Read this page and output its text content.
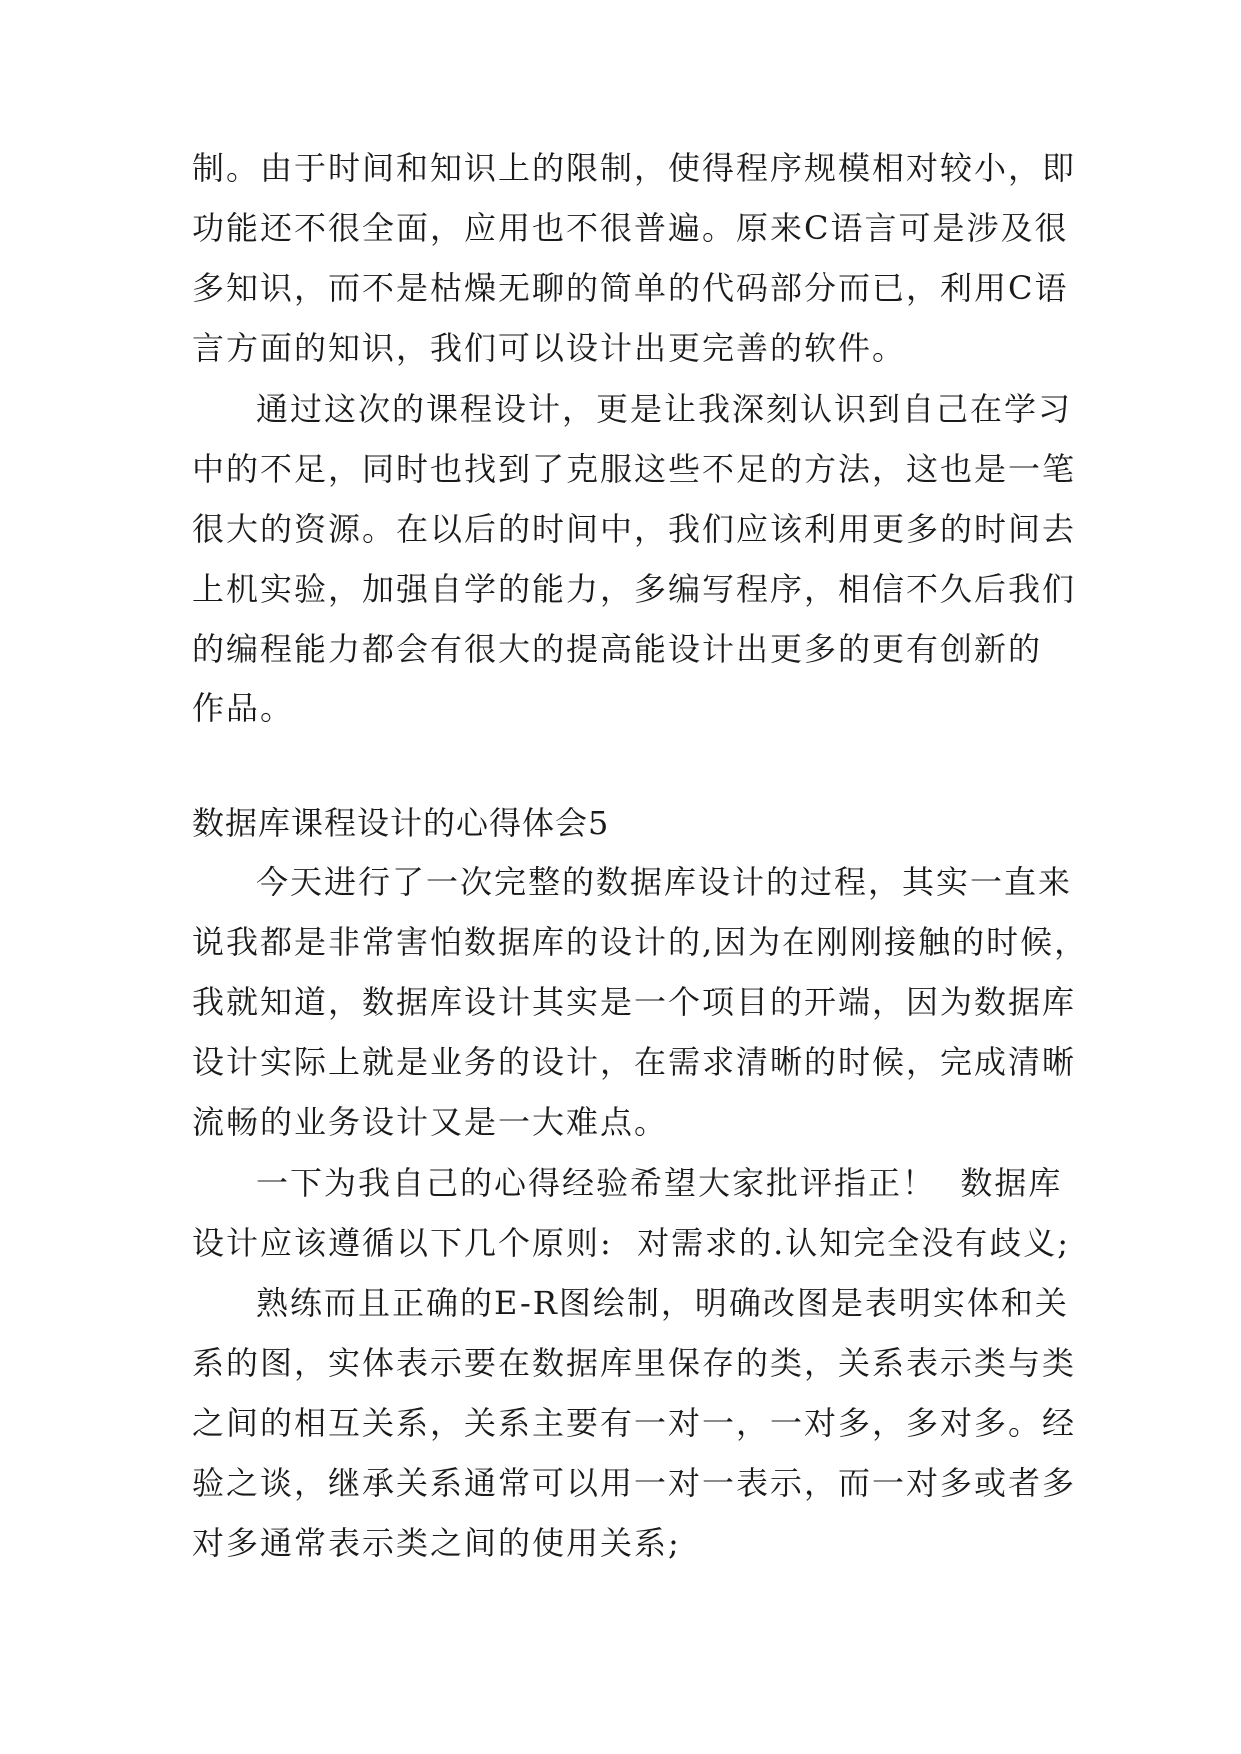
制。由于时间和知识上的限制，使得程序规模相对较小，即
功能还不很全面，应用也不很普遍。原来C语言可是涉及很
多知识，而不是枯燥无聊的简单的代码部分而已，利用C语
言方面的知识，我们可以设计出更完善的软件。
通过这次的课程设计，更是让我深刻认识到自己在学习
中的不足，同时也找到了克服这些不足的方法，这也是一笔
很大的资源。在以后的时间中，我们应该利用更多的时间去
上机实验，加强自学的能力，多编写程序，相信不久后我们
的编程能力都会有很大的提高能设计出更多的更有创新的
作品。
数据库课程设计的心得体会5
今天进行了一次完整的数据库设计的过程，其实一直来
说我都是非常害怕数据库的设计的,因为在刚刚接触的时候，
我就知道，数据库设计其实是一个项目的开端，因为数据库
设计实际上就是业务的设计，在需求清晰的时候，完成清晰
流畅的业务设计又是一大难点。
一下为我自己的心得经验希望大家批评指正！  数据库
设计应该遵循以下几个原则:  对需求的.认知完全没有歧义;
熟练而且正确的E-R图绘制，明确改图是表明实体和关
系的图，实体表示要在数据库里保存的类，关系表示类与类
之间的相互关系，关系主要有一对一，一对多，多对多。经
验之谈，继承关系通常可以用一对一表示，而一对多或者多
对多通常表示类之间的使用关系;
